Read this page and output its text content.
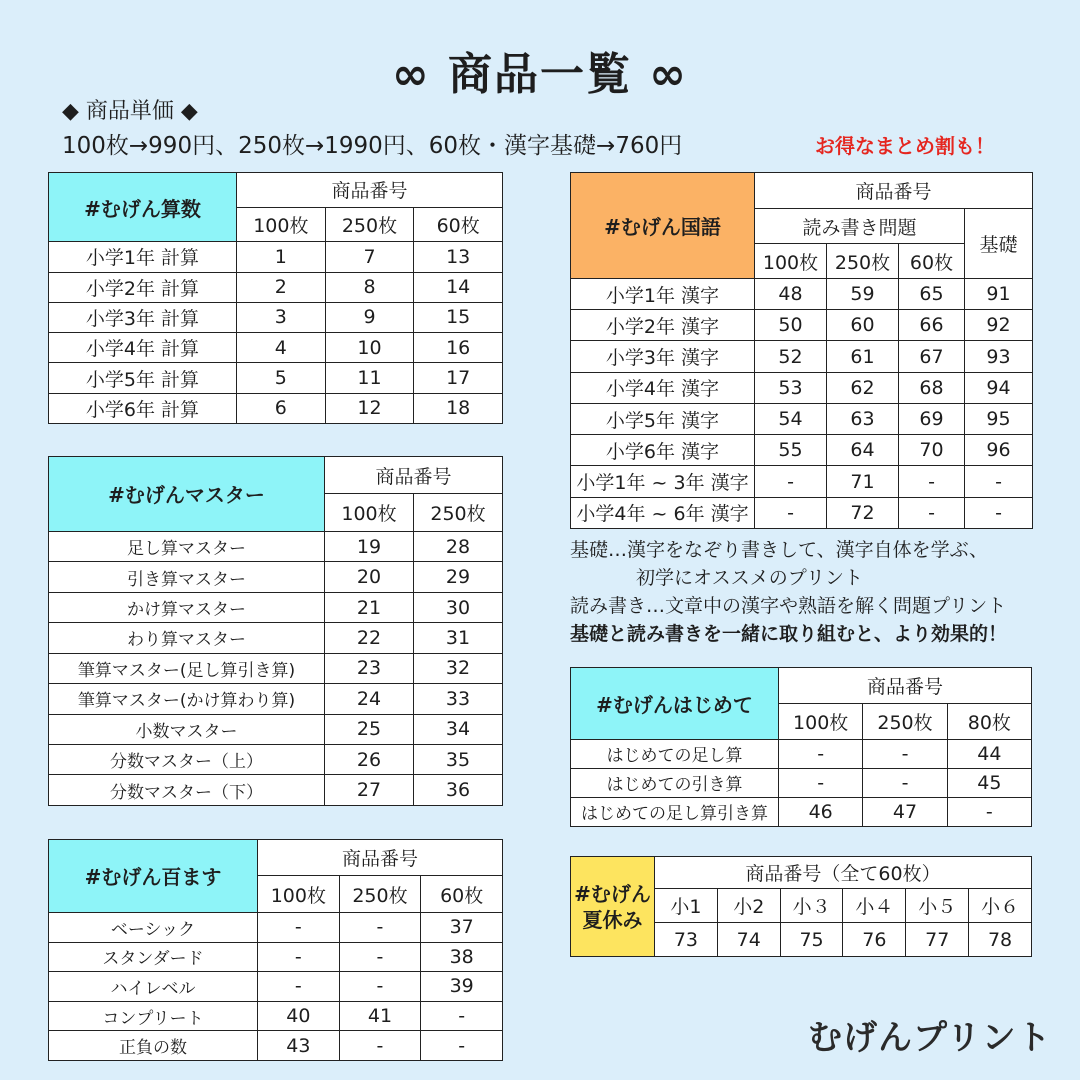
∞ 商品一覧 ∞
◆ 商品単価 ◆
100枚→990円、250枚→1990円、60枚・漢字基礎→760円	お得なまとめ割も！
#むげん算数	商品番号		
	100枚	250枚	60枚
小学1年 計算	1	7	13
小学2年 計算	2	8	14
小学3年 計算	3	9	15
小学4年 計算	4	10	16
小学5年 計算	5	11	17
小学6年 計算	6	12	18
#むげんマスター	商品番号	
	100枚	250枚
足し算マスター	19	28
引き算マスター	20	29
かけ算マスター	21	30
わり算マスター	22	31
筆算マスター(足し算引き算)	23	32
筆算マスター(かけ算わり算)	24	33
小数マスター	25	34
分数マスター（上）	26	35
分数マスター（下）	27	36
#むげん百ます	商品番号		
	100枚	250枚	60枚
ベーシック	-	-	37
スタンダード	-	-	38
ハイレベル	-	-	39
コンプリート	40	41	-
正負の数	43	-	-
#むげん国語	商品番号			
	読み書き問題			基礎
	100枚	250枚	60枚	
小学1年 漢字	48	59	65	91
小学2年 漢字	50	60	66	92
小学3年 漢字	52	61	67	93
小学4年 漢字	53	62	68	94
小学5年 漢字	54	63	69	95
小学6年 漢字	55	64	70	96
小学1年 ~ 3年 漢字	-	71	-	-
小学4年 ~ 6年 漢字	-	72	-	-
基礎…漢字をなぞり書きして、漢字自体を学ぶ、
初学にオススメのプリント
読み書き…文章中の漢字や熟語を解く問題プリント
基礎と読み書きを一緒に取り組むと、より効果的！
#むげんはじめて	商品番号		
	100枚	250枚	80枚
はじめての足し算	-	-	44
はじめての引き算	-	-	45
はじめての足し算引き算	46	47	-
#むげん
夏休み	商品番号（全て60枚）					
	小1	小2	小３	小４	小５	小６
	73	74	75	76	77	78
むげんプリント
